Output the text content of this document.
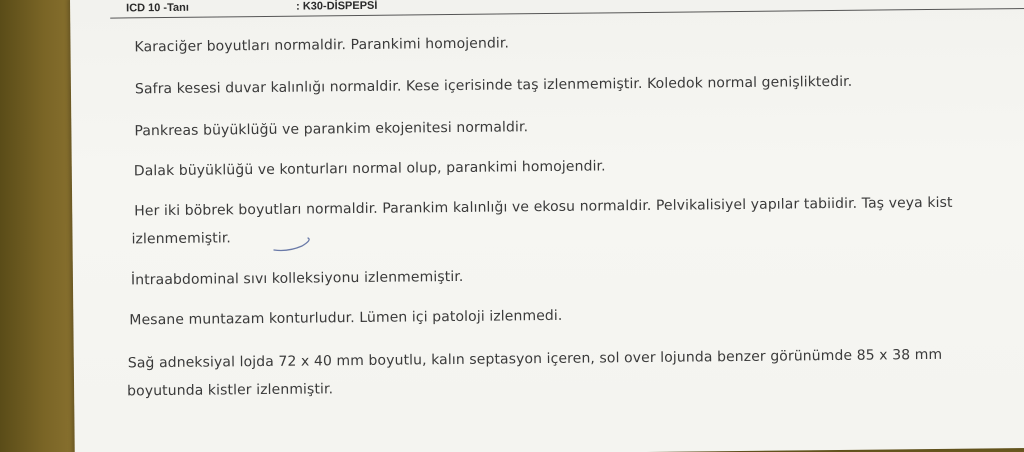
ICD 10 -Tanı	: K30-DİSPEPSİ
Karaciğer boyutları normaldir. Parankimi homojendir.
Safra kesesi duvar kalınlığı normaldir. Kese içerisinde taş izlenmemiştir. Koledok normal genişliktedir.
Pankreas büyüklüğü ve parankim ekojenitesi normaldir.
Dalak büyüklüğü ve konturları normal olup, parankimi homojendir.
Her iki böbrek boyutları normaldir. Parankim kalınlığı ve ekosu normaldir. Pelvikalisiyel yapılar tabiidir. Taş veya kist
izlenmemiştir.
İntraabdominal sıvı kolleksiyonu izlenmemiştir.
Mesane muntazam konturludur. Lümen içi patoloji izlenmedi.
Sağ adneksiyal lojda 72 x 40 mm boyutlu, kalın septasyon içeren, sol over lojunda benzer görünümde 85 x 38 mm
boyutunda kistler izlenmiştir.
